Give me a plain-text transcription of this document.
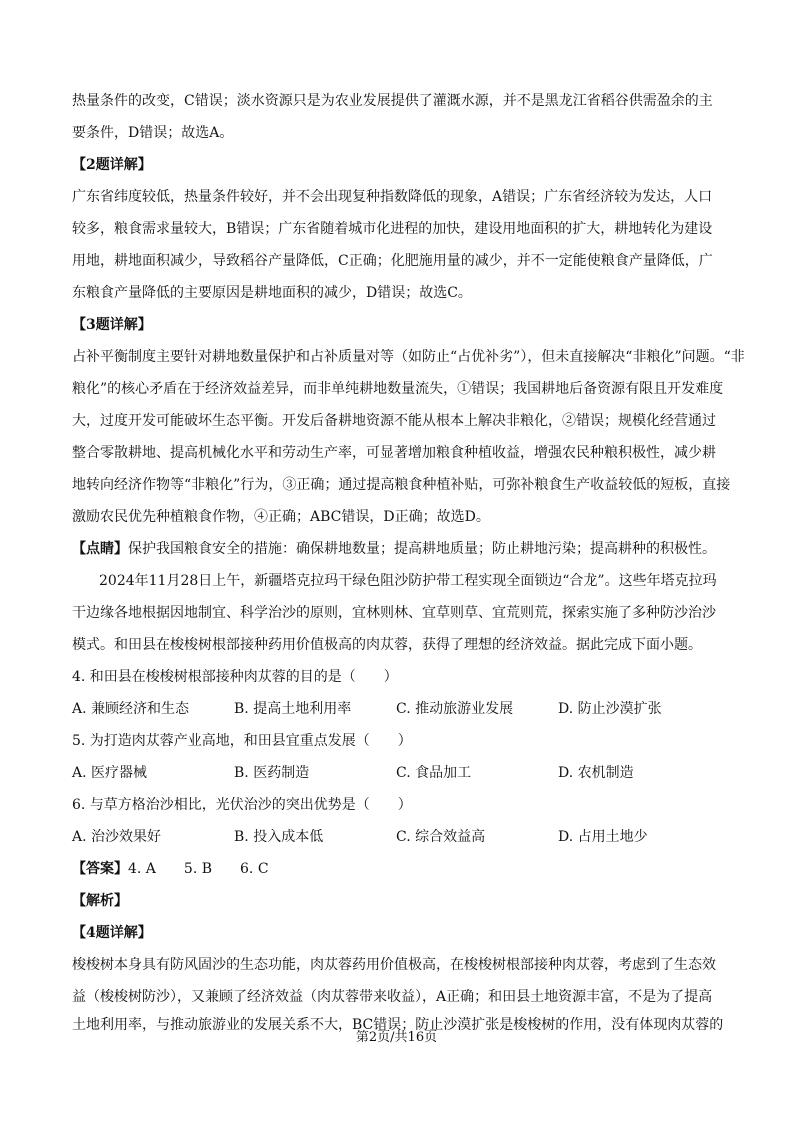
热量条件的改变，C错误；淡水资源只是为农业发展提供了灌溉水源，并不是黑龙江省稻谷供需盈余的主
要条件，D错误；故选A。
【2题详解】
广东省纬度较低，热量条件较好，并不会出现复种指数降低的现象，A错误；广东省经济较为发达，人口
较多，粮食需求量较大，B错误；广东省随着城市化进程的加快，建设用地面积的扩大，耕地转化为建设
用地，耕地面积减少，导致稻谷产量降低，C正确；化肥施用量的减少，并不一定能使粮食产量降低，广
东粮食产量降低的主要原因是耕地面积的减少，D错误；故选C。
【3题详解】
占补平衡制度主要针对耕地数量保护和占补质量对等（如防止“占优补劣”），但未直接解决“非粮化”问题。“非
粮化”的核心矛盾在于经济效益差异，而非单纯耕地数量流失，①错误；我国耕地后备资源有限且开发难度
大，过度开发可能破坏生态平衡。开发后备耕地资源不能从根本上解决非粮化，②错误；规模化经营通过
整合零散耕地、提高机械化水平和劳动生产率，可显著增加粮食种植收益，增强农民种粮积极性，减少耕
地转向经济作物等“非粮化”行为，③正确；通过提高粮食种植补贴，可弥补粮食生产收益较低的短板，直接
激励农民优先种植粮食作物，④正确；ABC错误，D正确；故选D。
【点睛】保护我国粮食安全的措施：确保耕地数量；提高耕地质量；防止耕地污染；提高耕种的积极性。
2024年11月28日上午，新疆塔克拉玛干绿色阻沙防护带工程实现全面锁边“合龙”。这些年塔克拉玛
干边缘各地根据因地制宜、科学治沙的原则，宜林则林、宜草则草、宜荒则荒，探索实施了多种防沙治沙
模式。和田县在梭梭树根部接种药用价值极高的肉苁蓉，获得了理想的经济效益。据此完成下面小题。
4. 和田县在梭梭树根部接种肉苁蓉的目的是（　　）
A. 兼顾经济和生态	B. 提高土地利用率	C. 推动旅游业发展	D. 防止沙漠扩张
5. 为打造肉苁蓉产业高地，和田县宜重点发展（　　）
A. 医疗器械	B. 医药制造	C. 食品加工	D. 农机制造
6. 与草方格治沙相比，光伏治沙的突出优势是（　　）
A. 治沙效果好	B. 投入成本低	C. 综合效益高	D. 占用土地少
【答案】4. A　　5. B　　6. C
【解析】
【4题详解】
梭梭树本身具有防风固沙的生态功能，肉苁蓉药用价值极高，在梭梭树根部接种肉苁蓉，考虑到了生态效
益（梭梭树防沙），又兼顾了经济效益（肉苁蓉带来收益），A正确；和田县土地资源丰富，不是为了提高
土地利用率，与推动旅游业的发展关系不大，BC错误；防止沙漠扩张是梭梭树的作用，没有体现肉苁蓉的
第2页/共16页
